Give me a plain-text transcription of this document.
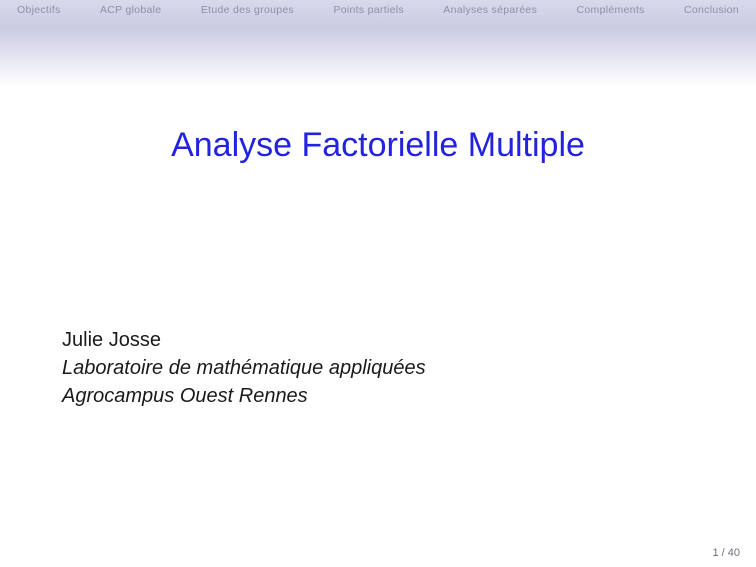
Objectifs	ACP globale	Etude des groupes	Points partiels	Analyses séparées	Compléments	Conclusion
Analyse Factorielle Multiple
Julie Josse
Laboratoire de mathématique appliquées
Agrocampus Ouest Rennes
1 / 40
